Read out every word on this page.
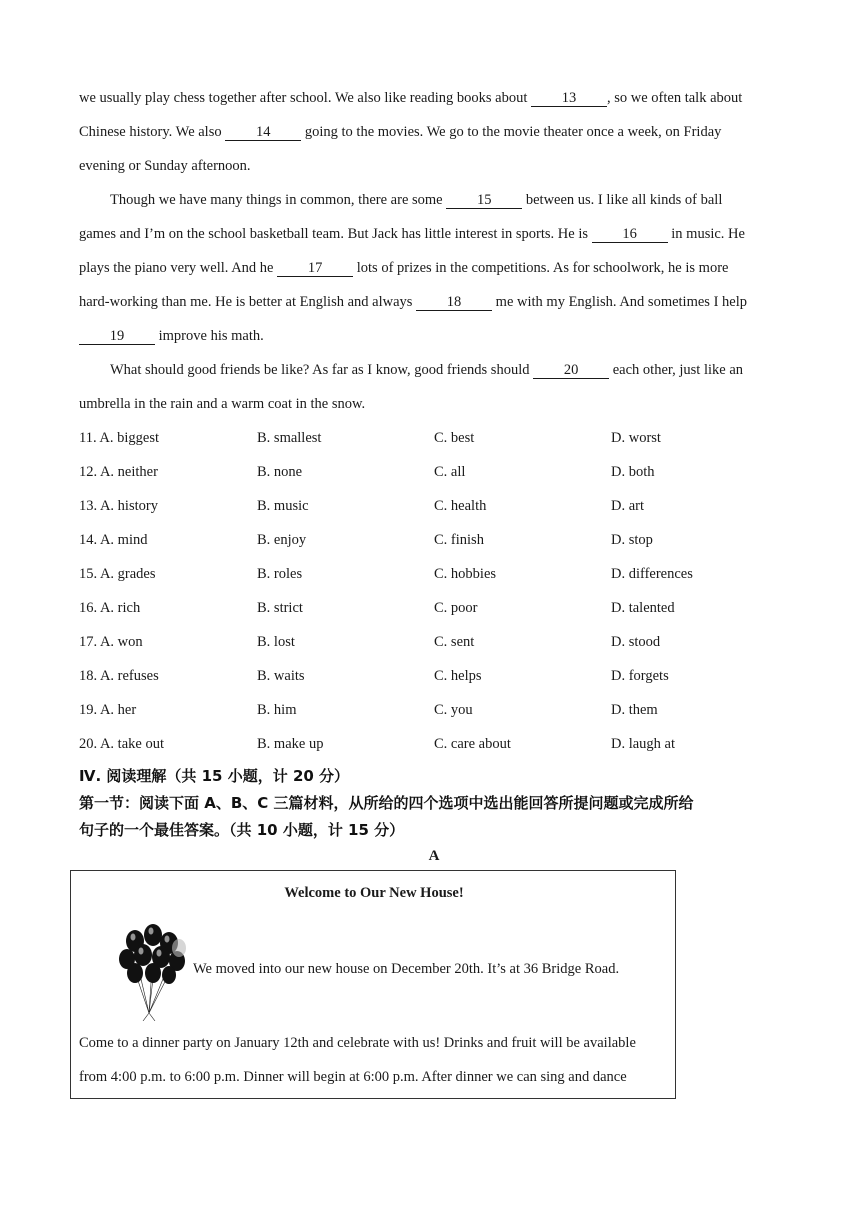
we usually play chess together after school. We also like reading books about 13 , so we often talk about
Chinese history. We also 14 going to the movies. We go to the movie theater once a week, on Friday
evening or Sunday afternoon.
Though we have many things in common, there are some 15 between us. I like all kinds of ball
games and I’m on the school basketball team. But Jack has little interest in sports. He is 16 in music. He
plays the piano very well. And he 17 lots of prizes in the competitions. As for schoolwork, he is more
hard-working than me. He is better at English and always 18 me with my English. And sometimes I help
19 improve his math.
What should good friends be like? As far as I know, good friends should 20 each other, just like an
umbrella in the rain and a warm coat in the snow.
11. A. biggest	B. smallest	C. best	D. worst
12. A. neither	B. none	C. all	D. both
13. A. history	B. music	C. health	D. art
14. A. mind	B. enjoy	C. finish	D. stop
15. A. grades	B. roles	C. hobbies	D. differences
16. A. rich	B. strict	C. poor	D. talented
17. A. won	B. lost	C. sent	D. stood
18. A. refuses	B. waits	C. helps	D. forgets
19. A. her	B. him	C. you	D. them
20. A. take out	B. make up	C. care about	D. laugh at
Ⅳ. 阅读理解（共 15 小题，计 20 分）
第一节：阅读下面 A、B、C 三篇材料，从所给的四个选项中选出能回答所提问题或完成所给
句子的一个最佳答案。（共 10 小题，计 15 分）
A
Welcome to Our New House!
We moved into our new house on December 20th. It’s at 36 Bridge Road.
Come to a dinner party on January 12th and celebrate with us! Drinks and fruit will be available
from 4:00 p.m. to 6:00 p.m. Dinner will begin at 6:00 p.m. After dinner we can sing and dance
